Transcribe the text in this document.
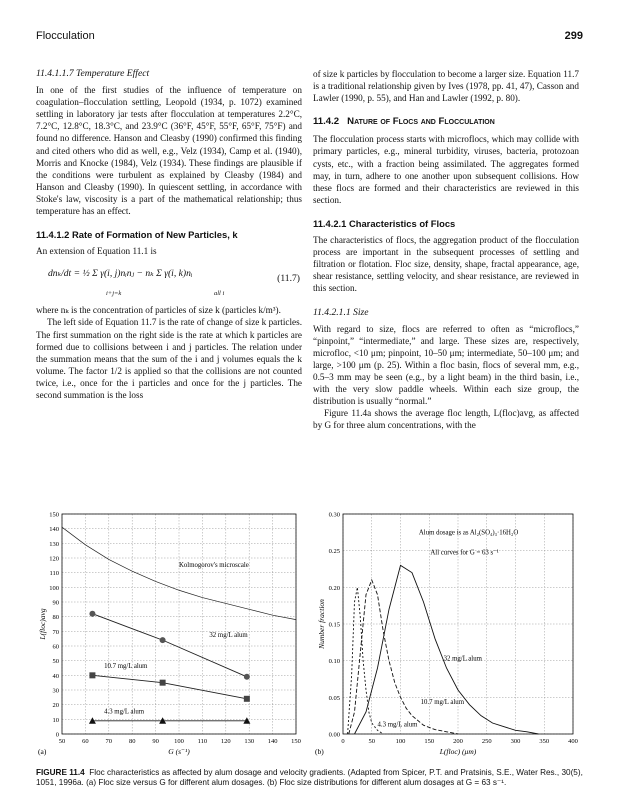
Flocculation	299
11.4.1.1.7 Temperature Effect

In one of the first studies of the influence of temperature on coagulation–flocculation settling, Leopold (1934, p. 1072) examined settling in laboratory jar tests after flocculation at temperatures 2.2°C, 7.2°C, 12.8°C, 18.3°C, and 23.9°C (36°F, 45°F, 55°F, 65°F, 75°F) and found no difference. Hanson and Cleasby (1990) confirmed this finding and cited others who did as well, e.g., Velz (1934), Camp et al. (1940), Morris and Knocke (1984), Velz (1934). These findings are plausible if the conditions were turbulent as explained by Cleasby (1984) and Hanson and Cleasby (1990). In quiescent settling, in accordance with Stoke's law, viscosity is a part of the mathematical relationship; thus temperature has an effect.

11.4.1.2 Rate of Formation of New Particles, k

An extension of Equation 11.1 is

dnₖ/dt = ½ Σ γ(i, j)nᵢnⱼ − nₖ Σ γ(i, k)nᵢ
i+j=k	all i
(11.7)

where nₖ is the concentration of particles of size k (particles k/m³).

The left side of Equation 11.7 is the rate of change of size k particles. The first summation on the right side is the rate at which k particles are formed due to collisions between i and j particles. The relation under the summation means that the sum of the i and j volumes equals the k volume. The factor 1/2 is applied so that the collisions are not counted twice, i.e., once for the i particles and once for the j particles. The second summation is the loss

of size k particles by flocculation to become a larger size. Equation 11.7 is a traditional relationship given by Ives (1978, pp. 41, 47), Casson and Lawler (1990, p. 55), and Han and Lawler (1992, p. 80).

11.4.2 Nature of Flocs and Flocculation

The flocculation process starts with microflocs, which may collide with primary particles, e.g., mineral turbidity, viruses, bacteria, protozoan cysts, etc., with a fraction being assimilated. The aggregates formed may, in turn, adhere to one another upon subsequent collisions. How these flocs are formed and their characteristics are reviewed in this section.

11.4.2.1 Characteristics of Flocs

The characteristics of flocs, the aggregation product of the flocculation process are important in the subsequent processes of settling and filtration or flotation. Floc size, density, shape, fractal appearance, age, shear resistance, settling velocity, and shear resistance, are reviewed in this section.

11.4.2.1.1 Size

With regard to size, flocs are referred to often as “microflocs,” “pinpoint,” “intermediate,” and large. These sizes are, respectively, microfloc, <10 μm; pinpoint, 10–50 μm; intermediate, 50–100 μm; and large, >100 μm (p. 25). Within a floc basin, flocs of several mm, e.g., 0.5–3 mm may be seen (e.g., by a light beam) in the third basin, i.e., with the very slow paddle wheels. Within each size group, the distribution is usually “normal.”

Figure 11.4a shows the average floc length, L(floc)avg, as affected by G for three alum concentrations, with the

0
10
20
30
40
50
60
70
80
90
100
110
120
130
140
150
50	60	70	80	90 100 110 120 130 140 150
G (s⁻¹)
L(floc)avg
(a)
Kolmogorov's microscale
32 mg/L alum
10.7 mg/L alum
4.3 mg/L alum
0.00
0.05
0.10
0.15
0.20
0.25
0.30
0	50	100	150	200	250	300	350	400
L(floc) (μm)
Number fraction
(b)
Alum dosage is as Al₂(SO₄)₃·16H₂O
All curves for G = 63 s⁻¹
32 mg/L alum
10.7 mg/L alum
4.3 mg/L alum
FIGURE 11.4 Floc characteristics as affected by alum dosage and velocity gradients. (Adapted from Spicer, P.T. and Pratsinis, S.E., Water Res., 30(5), 1051, 1996a. (a) Floc size versus G for different alum dosages. (b) Floc size distributions for different alum dosages at G = 63 s⁻¹.
